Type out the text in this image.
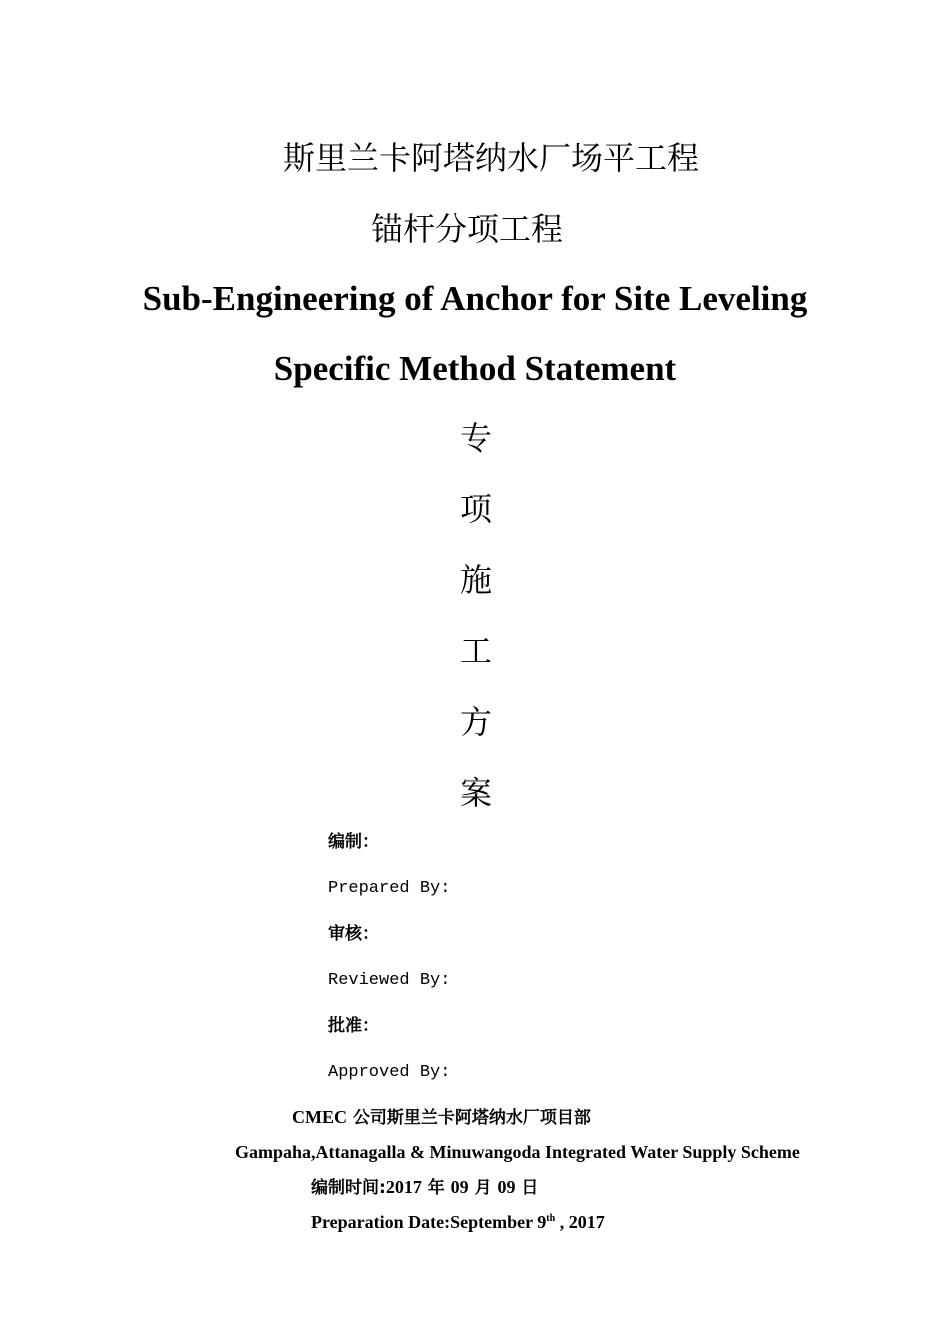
斯里兰卡阿塔纳水厂场平工程
锚杆分项工程
Sub-Engineering of Anchor for Site Leveling
Specific Method Statement
专
项
施
工
方
案
编制：
Prepared By:
审核：
Reviewed By:
批准：
Approved By:
CMEC 公司斯里兰卡阿塔纳水厂项目部
Gampaha,Attanagalla & Minuwangoda Integrated Water Supply Scheme
编制时间:2017 年 09 月 09 日
Preparation Date:September 9th , 2017
